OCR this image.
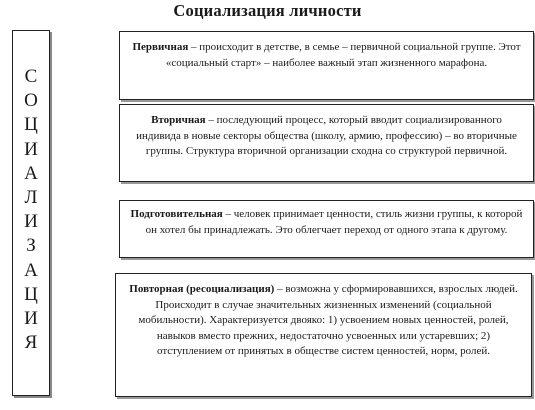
Социализация личности
С
О
Ц
И
А
Л
И
З
А
Ц
И
Я
Первичная – происходит в детстве, в семье – первичной социальной группе. Этот «социальный старт» – наиболее важный этап жизненного марафона.
Вторичная – последующий процесс, который вводит социализированного индивида в новые секторы общества (школу, армию, профессию) – во вторичные группы. Структура вторичной организации сходна со структурой первичной.
Подготовительная – человек принимает ценности, стиль жизни группы, к которой он хотел бы принадлежать. Это облегчает переход от одного этапа к другому.
Повторная (ресоциализация) – возможна у сформировавшихся, взрослых людей. Происходит в случае значительных жизненных изменений (социальной мобильности). Характеризуется двояко: 1) усвоением новых ценностей, ролей, навыков вместо прежних, недостаточно усвоенных или устаревших; 2) отступлением от принятых в обществе систем ценностей, норм, ролей.
